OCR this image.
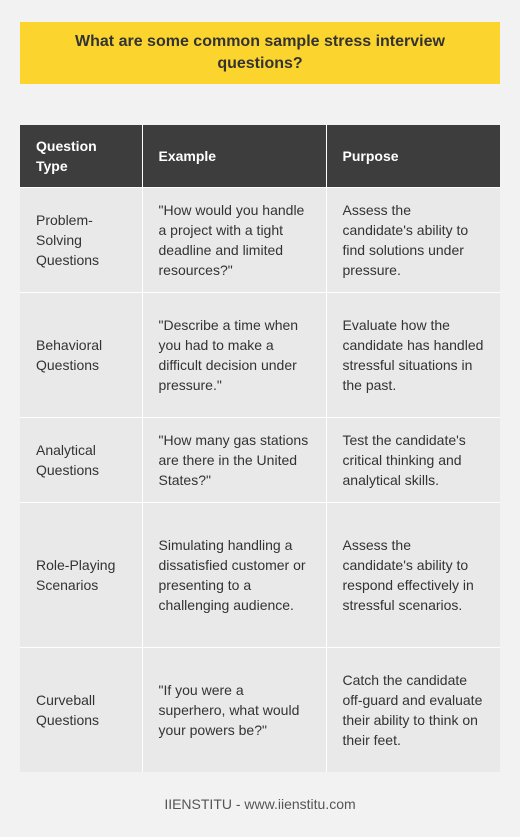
What are some common sample stress interview questions?
Question Type	Example	Purpose
Problem-Solving Questions	"How would you handle a project with a tight deadline and limited resources?"	Assess the candidate's ability to find solutions under pressure.
Behavioral Questions	"Describe a time when you had to make a difficult decision under pressure."	Evaluate how the candidate has handled stressful situations in the past.
Analytical Questions	"How many gas stations are there in the United States?"	Test the candidate's critical thinking and analytical skills.
Role-Playing Scenarios	Simulating handling a dissatisfied customer or presenting to a challenging audience.	Assess the candidate's ability to respond effectively in stressful scenarios.
Curveball Questions	"If you were a superhero, what would your powers be?"	Catch the candidate off-guard and evaluate their ability to think on their feet.
IIENSTITU - www.iienstitu.com
